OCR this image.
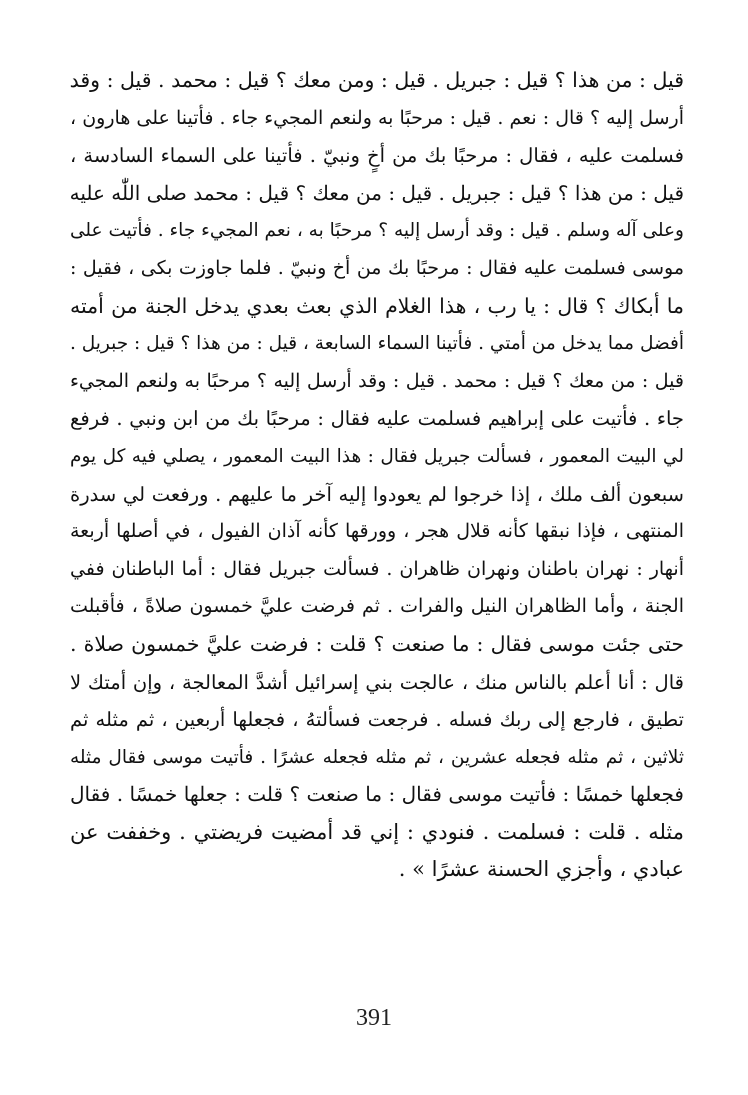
قيل : من هذا ؟ قيل : جبريل . قيل : ومن معك ؟ قيل : محمد . قيل : وقد
أرسل إليه ؟ قال : نعم . قيل : مرحبًا به ولنعم المجيء جاء . فأتينا على هارون ،
فسلمت عليه ، فقال : مرحبًا بك من أخٍ ونبيّ . فأتينا على السماء السادسة ،
قيل : من هذا ؟ قيل : جبريل . قيل : من معك ؟ قيل : محمد صلى اللّٰه عليه
وعلى آله وسلم . قيل : وقد أرسل إليه ؟ مرحبًا به ، نعم المجيء جاء . فأتيت على
موسى فسلمت عليه فقال : مرحبًا بك من أخ ونبيّ . فلما جاوزت بكى ، فقيل :
ما أبكاك ؟ قال : يا رب ، هذا الغلام الذي بعث بعدي يدخل الجنة من أمته
أفضل مما يدخل من أمتي . فأتينا السماء السابعة ، قيل : من هذا ؟ قيل : جبريل .
قيل : من معك ؟ قيل : محمد . قيل : وقد أرسل إليه ؟ مرحبًا به ولنعم المجيء
جاء . فأتيت على إبراهيم فسلمت عليه فقال : مرحبًا بك من ابن ونبي . فرفع
لي البيت المعمور ، فسألت جبريل فقال : هذا البيت المعمور ، يصلي فيه كل يوم
سبعون ألف ملك ، إذا خرجوا لم يعودوا إليه آخر ما عليهم . ورفعت لي سدرة
المنتهى ، فإذا نبقها كأنه قلال هجر ، وورقها كأنه آذان الفيول ، في أصلها أربعة
أنهار : نهران باطنان ونهران ظاهران . فسألت جبريل فقال : أما الباطنان ففي
الجنة ، وأما الظاهران النيل والفرات . ثم فرضت عليَّ خمسون صلاةً ، فأقبلت
حتى جئت موسى فقال : ما صنعت ؟ قلت : فرضت عليَّ خمسون صلاة .
قال : أنا أعلم بالناس منك ، عالجت بني إسرائيل أشدَّ المعالجة ، وإن أمتك لا
تطيق ، فارجع إلى ربك فسله . فرجعت فسألتهُ ، فجعلها أربعين ، ثم مثله ثم
ثلاثين ، ثم مثله فجعله عشرين ، ثم مثله فجعله عشرًا . فأتيت موسى فقال مثله
فجعلها خمسًا : فأتيت موسى فقال : ما صنعت ؟ قلت : جعلها خمسًا . فقال
مثله . قلت : فسلمت . فنودي : إني قد أمضيت فريضتي . وخففت عن
عبادي ، وأجزي الحسنة عشرًا » .
391
